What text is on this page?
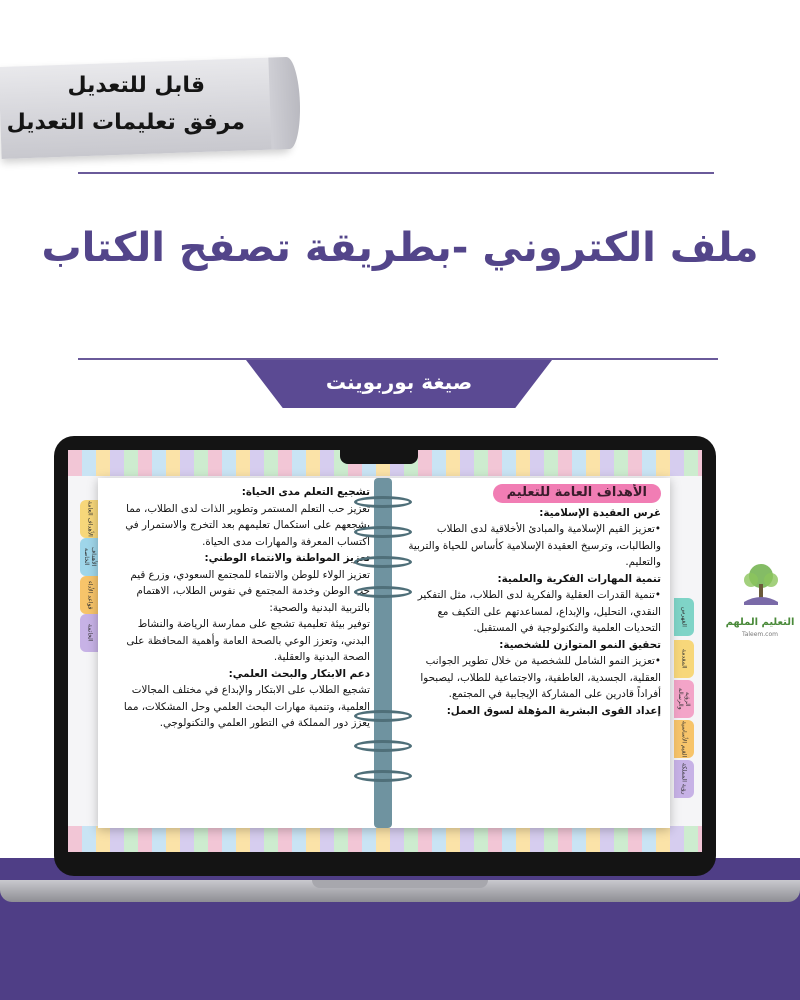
قابل للتعديل
مرفق تعليمات التعديل
ملف الكتروني -بطريقة تصفح الكتاب
صيغة بوربوينت
الأهداف العامة
الأهداف الخاصة
قواعد الأداء
الخاتمة
الفهرس
المقدمة
الرؤية والرسالة
القيم الأساسية
رؤية المملكة
تشجيع التعلم مدى الحياة:
تعزيز حب التعلم المستمر وتطوير الذات لدى الطلاب، مما يشجعهم على استكمال تعليمهم بعد التخرج والاستمرار في اكتساب المعرفة والمهارات مدى الحياة.
تعزيز المواطنة والانتماء الوطني:
تعزيز الولاء للوطن والانتماء للمجتمع السعودي، وزرع قيم حب الوطن وخدمة المجتمع في نفوس الطلاب، الاهتمام بالتربية البدنية والصحية:
توفير بيئة تعليمية تشجع على ممارسة الرياضة والنشاط البدني، وتعزز الوعي بالصحة العامة وأهمية المحافظة على الصحة البدنية والعقلية.
دعم الابتكار والبحث العلمي:
تشجيع الطلاب على الابتكار والإبداع في مختلف المجالات العلمية، وتنمية مهارات البحث العلمي وحل المشكلات، مما يعزز دور المملكة في التطور العلمي والتكنولوجي.
الأهداف العامة للتعليم
غرس العقيدة الإسلامية:
•تعزيز القيم الإسلامية والمبادئ الأخلاقية لدى الطلاب والطالبات، وترسيخ العقيدة الإسلامية كأساس للحياة والتربية والتعليم.
تنمية المهارات الفكرية والعلمية:
•تنمية القدرات العقلية والفكرية لدى الطلاب، مثل التفكير النقدي، التحليل، والإبداع، لمساعدتهم على التكيف مع التحديات العلمية والتكنولوجية في المستقبل.
تحقيق النمو المتوازن للشخصية:
•تعزيز النمو الشامل للشخصية من خلال تطوير الجوانب العقلية، الجسدية، العاطفية، والاجتماعية للطلاب، ليصبحوا أفراداً قادرين على المشاركة الإيجابية في المجتمع.
إعداد القوى البشرية المؤهلة لسوق العمل:
التعليم الملهم
Taleem.com
